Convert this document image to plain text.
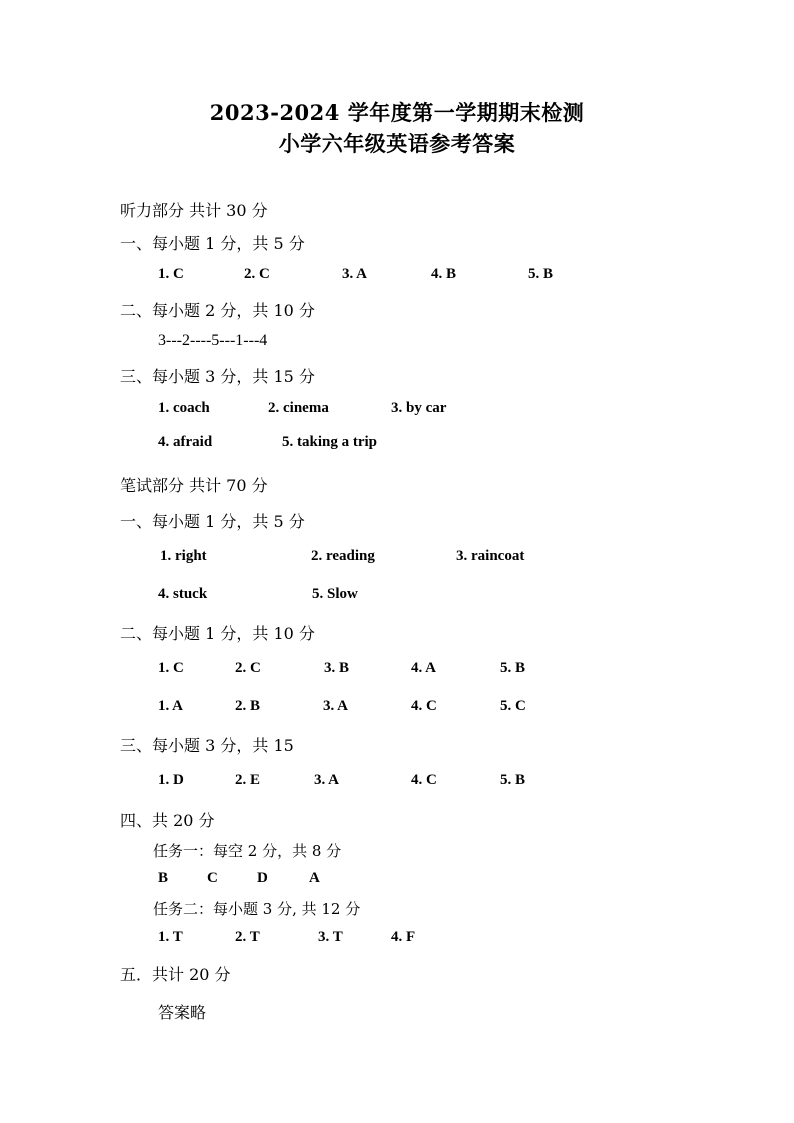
2023-2024 学年度第一学期期末检测
小学六年级英语参考答案
听力部分 共计 30 分
一、每小题 1 分，共 5 分
1. C	2. C	3. A	4. B	5. B
二、每小题 2 分，共 10 分
3---2----5---1---4
三、每小题 3 分，共 15 分
1. coach	2. cinema	3. by car
4. afraid	5. taking a trip
笔试部分 共计 70 分
一、每小题 1 分，共 5 分
1. right	2. reading	3. raincoat
4. stuck	5. Slow
二、每小题 1 分，共 10 分
1. C	2. C	3. B	4. A	5. B
1. A	2. B	3. A	4. C	5. C
三、每小题 3 分，共 15
1. D	2. E	3. A	4. C	5. B
四、共 20 分
任务一：每空 2 分，共 8 分
B	C	D	A
任务二：每小题 3 分, 共 12 分
1. T	2. T	3. T	4. F
五．共计 20 分
答案略
